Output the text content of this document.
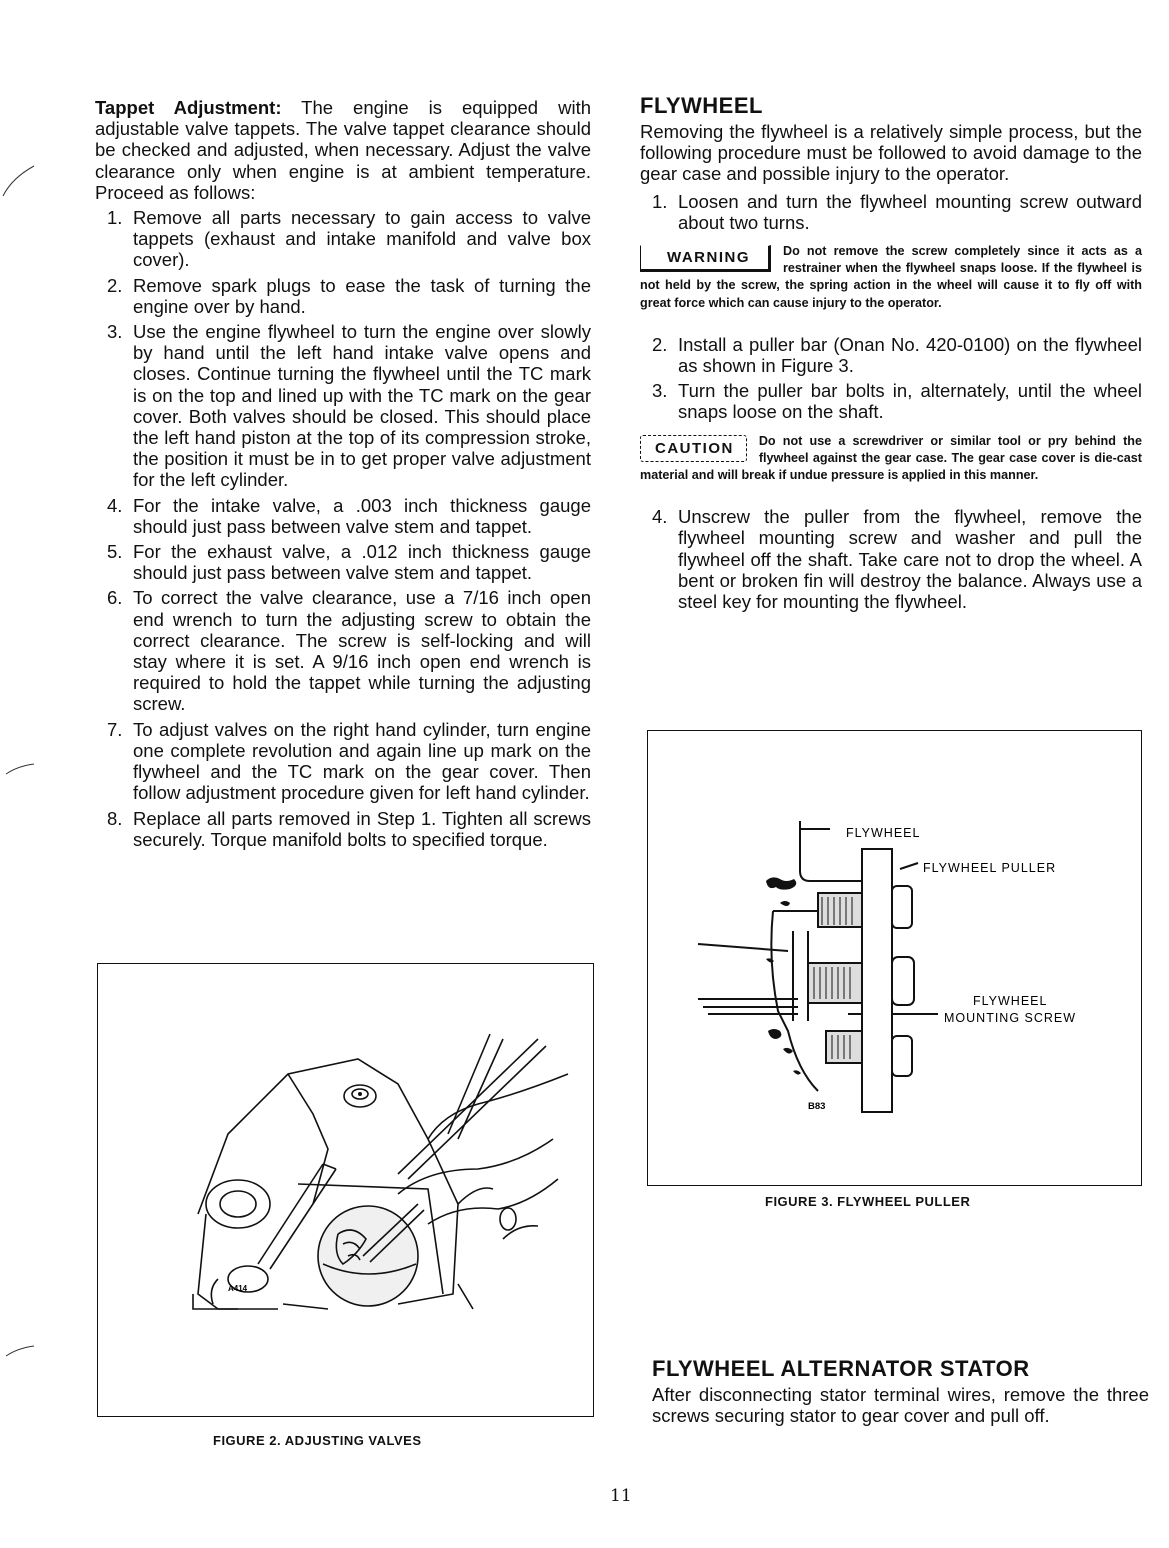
Tappet Adjustment: The engine is equipped with adjustable valve tappets. The valve tappet clearance should be checked and adjusted, when necessary. Adjust the valve clearance only when engine is at ambient temperature. Proceed as follows:

1. Remove all parts necessary to gain access to valve tappets (exhaust and intake manifold and valve box cover).
2. Remove spark plugs to ease the task of turning the engine over by hand.
3. Use the engine flywheel to turn the engine over slowly by hand until the left hand intake valve opens and closes. Continue turning the flywheel until the TC mark is on the top and lined up with the TC mark on the gear cover. Both valves should be closed. This should place the left hand piston at the top of its compression stroke, the position it must be in to get proper valve adjustment for the left cylinder.
4. For the intake valve, a .003 inch thickness gauge should just pass between valve stem and tappet.
5. For the exhaust valve, a .012 inch thickness gauge should just pass between valve stem and tappet.
6. To correct the valve clearance, use a 7/16 inch open end wrench to turn the adjusting screw to obtain the correct clearance. The screw is self-locking and will stay where it is set. A 9/16 inch open end wrench is required to hold the tappet while turning the adjusting screw.
7. To adjust valves on the right hand cylinder, turn engine one complete revolution and again line up mark on the flywheel and the TC mark on the gear cover. Then follow adjustment procedure given for left hand cylinder.
8. Replace all parts removed in Step 1. Tighten all screws securely. Torque manifold bolts to specified torque.
A414
FIGURE 2. ADJUSTING VALVES
FLYWHEEL

Removing the flywheel is a relatively simple process, but the following procedure must be followed to avoid damage to the gear case and possible injury to the operator.

1. Loosen and turn the flywheel mounting screw outward about two turns.
WARNING	Do not remove the screw completely since it acts as a restrainer when the flywheel snaps loose. If the flywheel is not held by the screw, the spring action in the wheel will cause it to fly off with great force which can cause injury to the operator.
2. Install a puller bar (Onan No. 420-0100) on the flywheel as shown in Figure 3.
3. Turn the puller bar bolts in, alternately, until the wheel snaps loose on the shaft.
CAUTION	Do not use a screwdriver or similar tool or pry behind the flywheel against the gear case. The gear case cover is die-cast material and will break if undue pressure is applied in this manner.
4. Unscrew the puller from the flywheel, remove the flywheel mounting screw and washer and pull the flywheel off the shaft. Take care not to drop the wheel. A bent or broken fin will destroy the balance. Always use a steel key for mounting the flywheel.
FLYWHEEL
FLYWHEEL PULLER
FLYWHEEL
MOUNTING SCREW
B83
FIGURE 3. FLYWHEEL PULLER
FLYWHEEL ALTERNATOR STATOR

After disconnecting stator terminal wires, remove the three screws securing stator to gear cover and pull off.

11
